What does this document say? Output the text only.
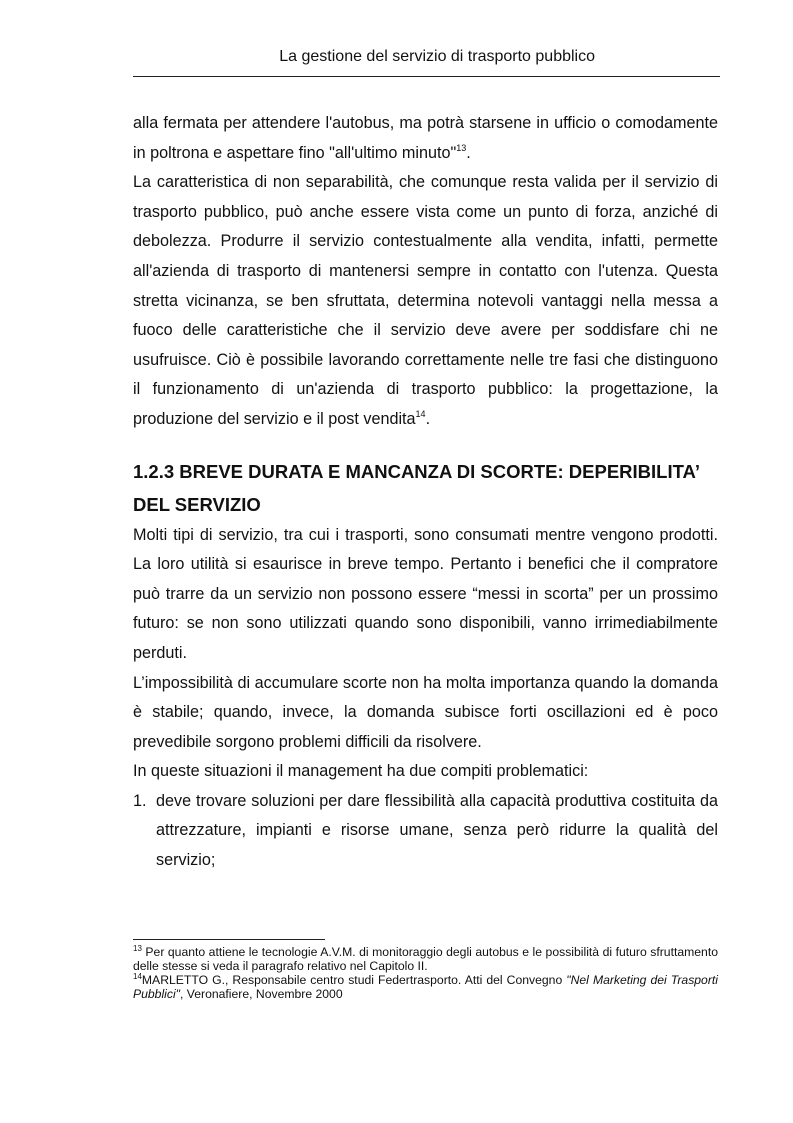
La gestione del servizio di trasporto pubblico

alla fermata per attendere l'autobus, ma potrà starsene in ufficio o comodamente in poltrona e aspettare fino "all'ultimo minuto"$^{13}$.

La caratteristica di non separabilità, che comunque resta valida per il servizio di trasporto pubblico, può anche essere vista come un punto di forza, anziché di debolezza. Produrre il servizio contestualmente alla vendita, infatti, permette all'azienda di trasporto di mantenersi sempre in contatto con l'utenza. Questa stretta vicinanza, se ben sfruttata, determina notevoli vantaggi nella messa a fuoco delle caratteristiche che il servizio deve avere per soddisfare chi ne usufruisce. Ciò è possibile lavorando correttamente nelle tre fasi che distinguono il funzionamento di un'azienda di trasporto pubblico: la progettazione, la produzione del servizio e il post vendita$^{14}$.

1.2.3 BREVE DURATA E MANCANZA DI SCORTE: DEPERIBILITA’ DEL SERVIZIO

Molti tipi di servizio, tra cui i trasporti, sono consumati mentre vengono prodotti. La loro utilità si esaurisce in breve tempo. Pertanto i benefici che il compratore può trarre da un servizio non possono essere “messi in scorta” per un prossimo futuro: se non sono utilizzati quando sono disponibili, vanno irrimediabilmente perduti.

L’impossibilità di accumulare scorte non ha molta importanza quando la domanda è stabile; quando, invece, la domanda subisce forti oscillazioni ed è poco prevedibile sorgono problemi difficili da risolvere.

In queste situazioni il management ha due compiti problematici:

1. deve trovare soluzioni per dare flessibilità alla capacità produttiva costituita da attrezzature, impianti e risorse umane, senza però ridurre la qualità del servizio;

$^{13}$ Per quanto attiene le tecnologie A.V.M. di monitoraggio degli autobus e le possibilità di futuro sfruttamento delle stesse si veda il paragrafo relativo nel Capitolo II.

$^{14}$MARLETTO G., Responsabile centro studi Federtrasporto. Atti del Convegno "Nel Marketing dei Trasporti Pubblici", Veronafiere, Novembre 2000
